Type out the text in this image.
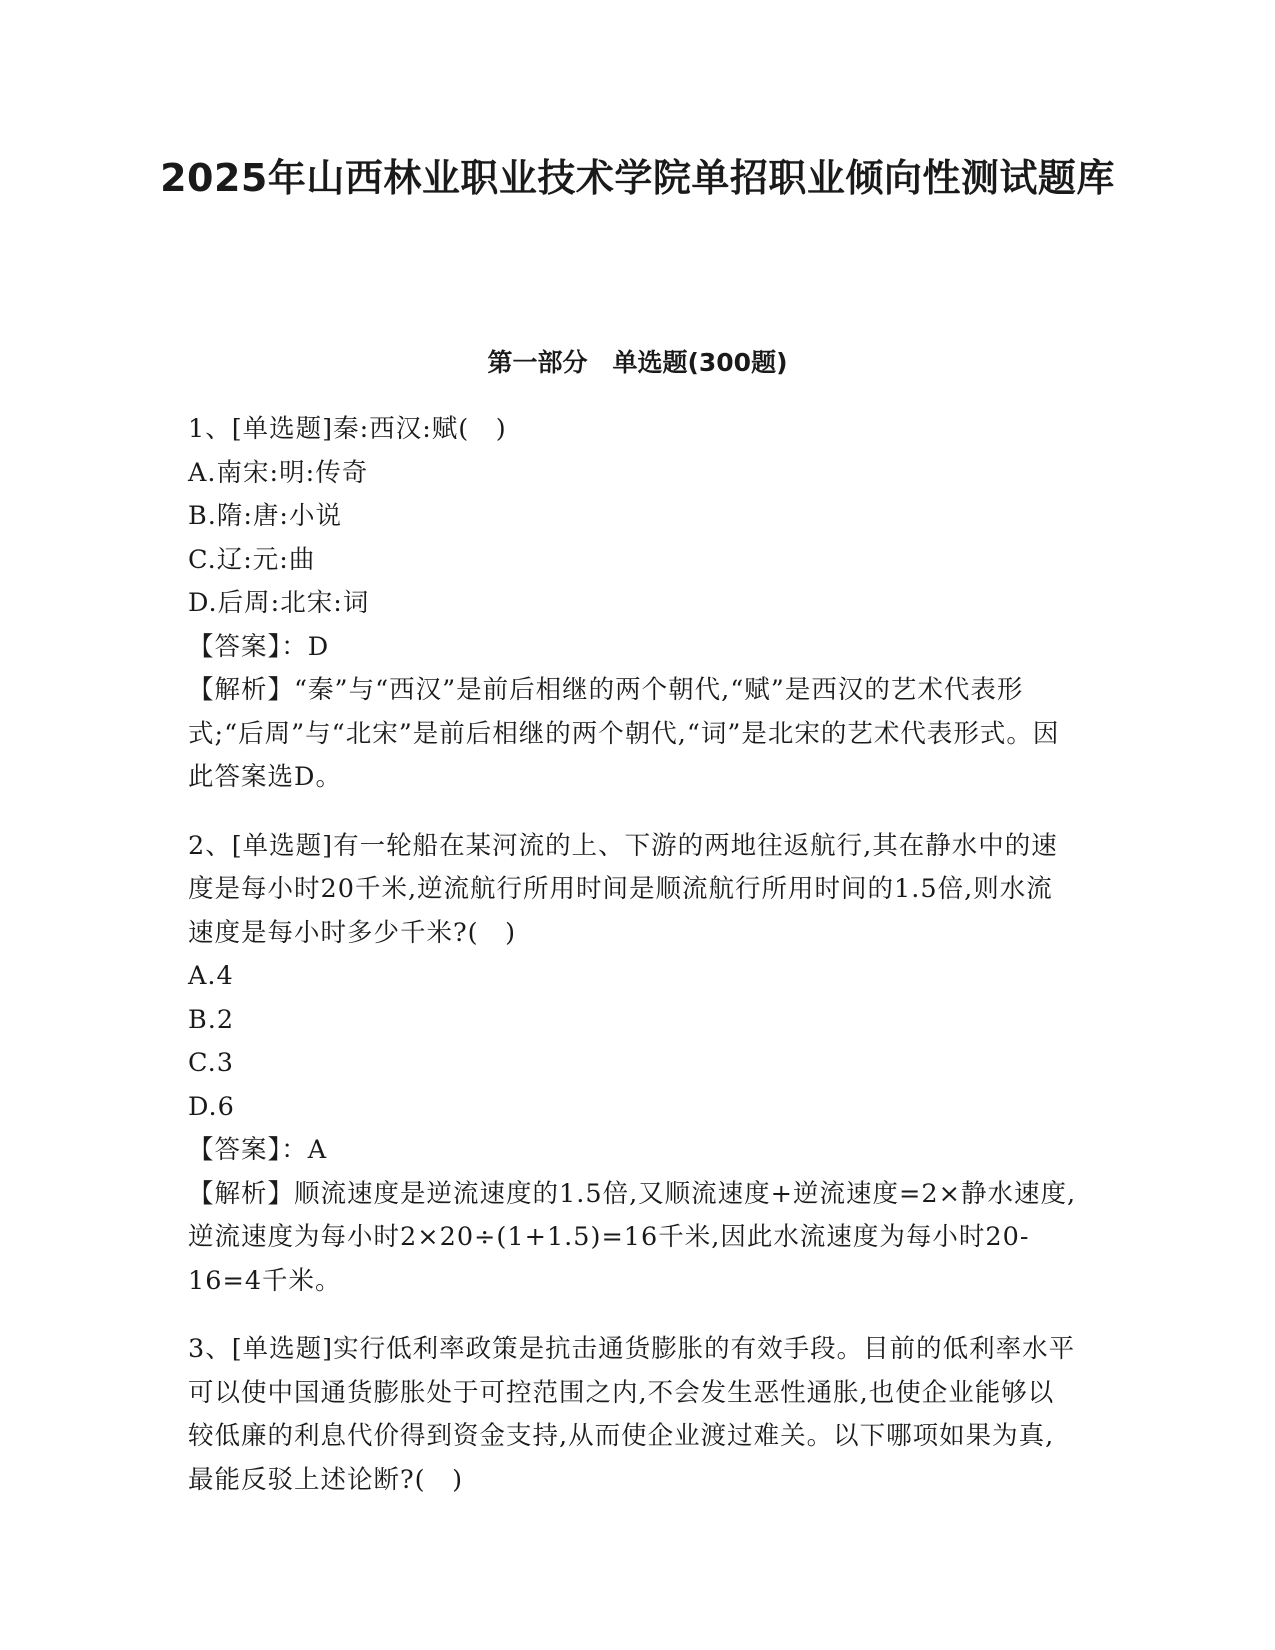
2025年山西林业职业技术学院单招职业倾向性测试题库
第一部分　单选题(300题)

1、[单选题]秦:西汉:赋(　)

A.南宋:明:传奇

B.隋:唐:小说

C.辽:元:曲

D.后周:北宋:词

【答案】：D

【解析】“秦”与“西汉”是前后相继的两个朝代,“赋”是西汉的艺术代表形式;“后周”与“北宋”是前后相继的两个朝代,“词”是北宋的艺术代表形式。因此答案选D。

2、[单选题]有一轮船在某河流的上、下游的两地往返航行,其在静水中的速度是每小时20千米,逆流航行所用时间是顺流航行所用时间的1.5倍,则水流速度是每小时多少千米?(　)

A.4

B.2

C.3

D.6

【答案】：A

【解析】顺流速度是逆流速度的1.5倍,又顺流速度+逆流速度=2×静水速度,逆流速度为每小时2×20÷(1+1.5)=16千米,因此水流速度为每小时20-16=4千米。

3、[单选题]实行低利率政策是抗击通货膨胀的有效手段。目前的低利率水平可以使中国通货膨胀处于可控范围之内,不会发生恶性通胀,也使企业能够以较低廉的利息代价得到资金支持,从而使企业渡过难关。以下哪项如果为真,最能反驳上述论断?(　)
